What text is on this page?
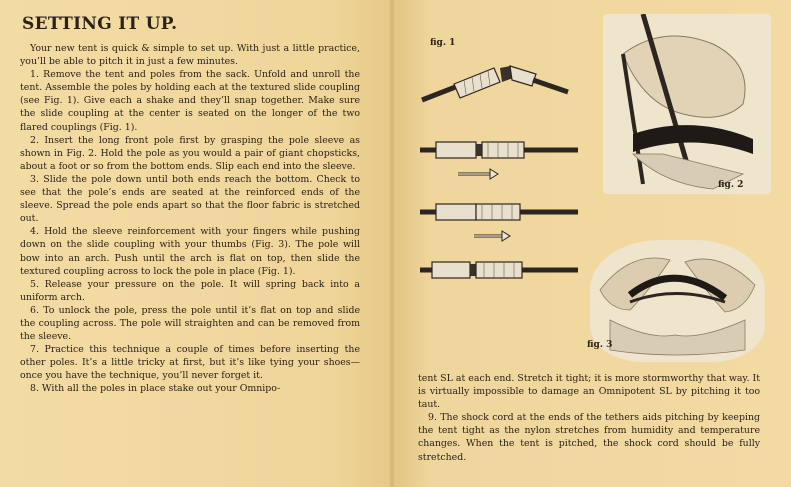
SETTING IT UP.

Your new tent is quick & simple to set up. With just a little practice, you’ll be able to pitch it in just a few minutes.

1. Remove the tent and poles from the sack. Unfold and unroll the tent. Assemble the poles by holding each at the textured slide coupling (see Fig. 1). Give each a shake and they’ll snap together. Make sure the slide coupling at the center is seated on the longer of the two flared couplings (Fig. 1).

2. Insert the long front pole first by grasping the pole sleeve as shown in Fig. 2. Hold the pole as you would a pair of giant chopsticks, about a foot or so from the bottom ends. Slip each end into the sleeve.

3. Slide the pole down until both ends reach the bottom. Check to see that the pole’s ends are seated at the reinforced ends of the sleeve. Spread the pole ends apart so that the floor fabric is stretched out.

4. Hold the sleeve reinforcement with your fingers while pushing down on the slide coupling with your thumbs (Fig. 3). The pole will bow into an arch. Push until the arch is flat on top, then slide the textured coupling across to lock the pole in place (Fig. 1).

5. Release your pressure on the pole. It will spring back into a uniform arch.

6. To unlock the pole, press the pole until it’s flat on top and slide the coupling across. The pole will straighten and can be removed from the sleeve.

7. Practice this technique a couple of times before inserting the other poles. It’s a little tricky at first, but it’s like tying your shoes—once you have the technique, you’ll never forget it.

8. With all the poles in place stake out your Omnipo-

fig. 1
fig. 2
fig. 3

tent SL at each end. Stretch it tight; it is more stormworthy that way. It is virtually impossible to damage an Omnipotent SL by pitching it too taut.

9. The shock cord at the ends of the tethers aids pitching by keeping the tent tight as the nylon stretches from humidity and temperature changes. When the tent is pitched, the shock cord should be fully stretched.
